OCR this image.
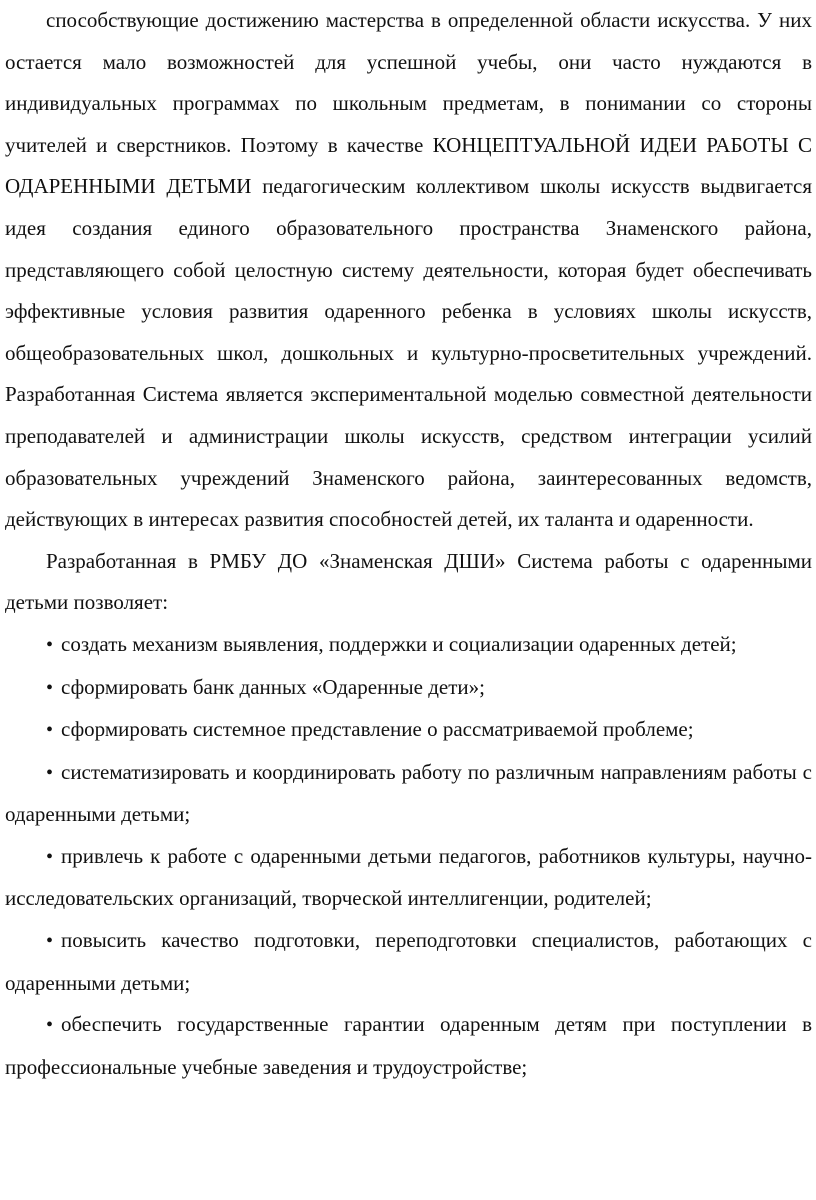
способствующие достижению мастерства в определенной области искусства. У них остается мало возможностей для успешной учебы, они часто нуждаются в индивидуальных программах по школьным предметам, в понимании со стороны учителей и сверстников. Поэтому в качестве КОНЦЕПТУАЛЬНОЙ ИДЕИ РАБОТЫ С ОДАРЕННЫМИ ДЕТЬМИ педагогическим коллективом школы искусств выдвигается идея создания единого образовательного пространства Знаменского района, представляющего собой целостную систему деятельности, которая будет обеспечивать эффективные условия развития одаренного ребенка в условиях школы искусств, общеобразовательных школ, дошкольных и культурно-просветительных учреждений. Разработанная Система является экспериментальной моделью совместной деятельности преподавателей и администрации школы искусств, средством интеграции усилий образовательных учреждений Знаменского района, заинтересованных ведомств, действующих в интересах развития способностей детей, их таланта и одаренности.

Разработанная в РМБУ ДО «Знаменская ДШИ» Система работы с одаренными детьми позволяет:

• создать механизм выявления, поддержки и социализации одаренных детей;
• сформировать банк данных «Одаренные дети»;
• сформировать системное представление о рассматриваемой проблеме;
• систематизировать и координировать работу по различным направлениям работы с одаренными детьми;
• привлечь к работе с одаренными детьми педагогов, работников культуры, научно-исследовательских организаций, творческой интеллигенции, родителей;
• повысить качество подготовки, переподготовки специалистов, работающих с одаренными детьми;
• обеспечить государственные гарантии одаренным детям при поступлении в профессиональные учебные заведения и трудоустройстве;
